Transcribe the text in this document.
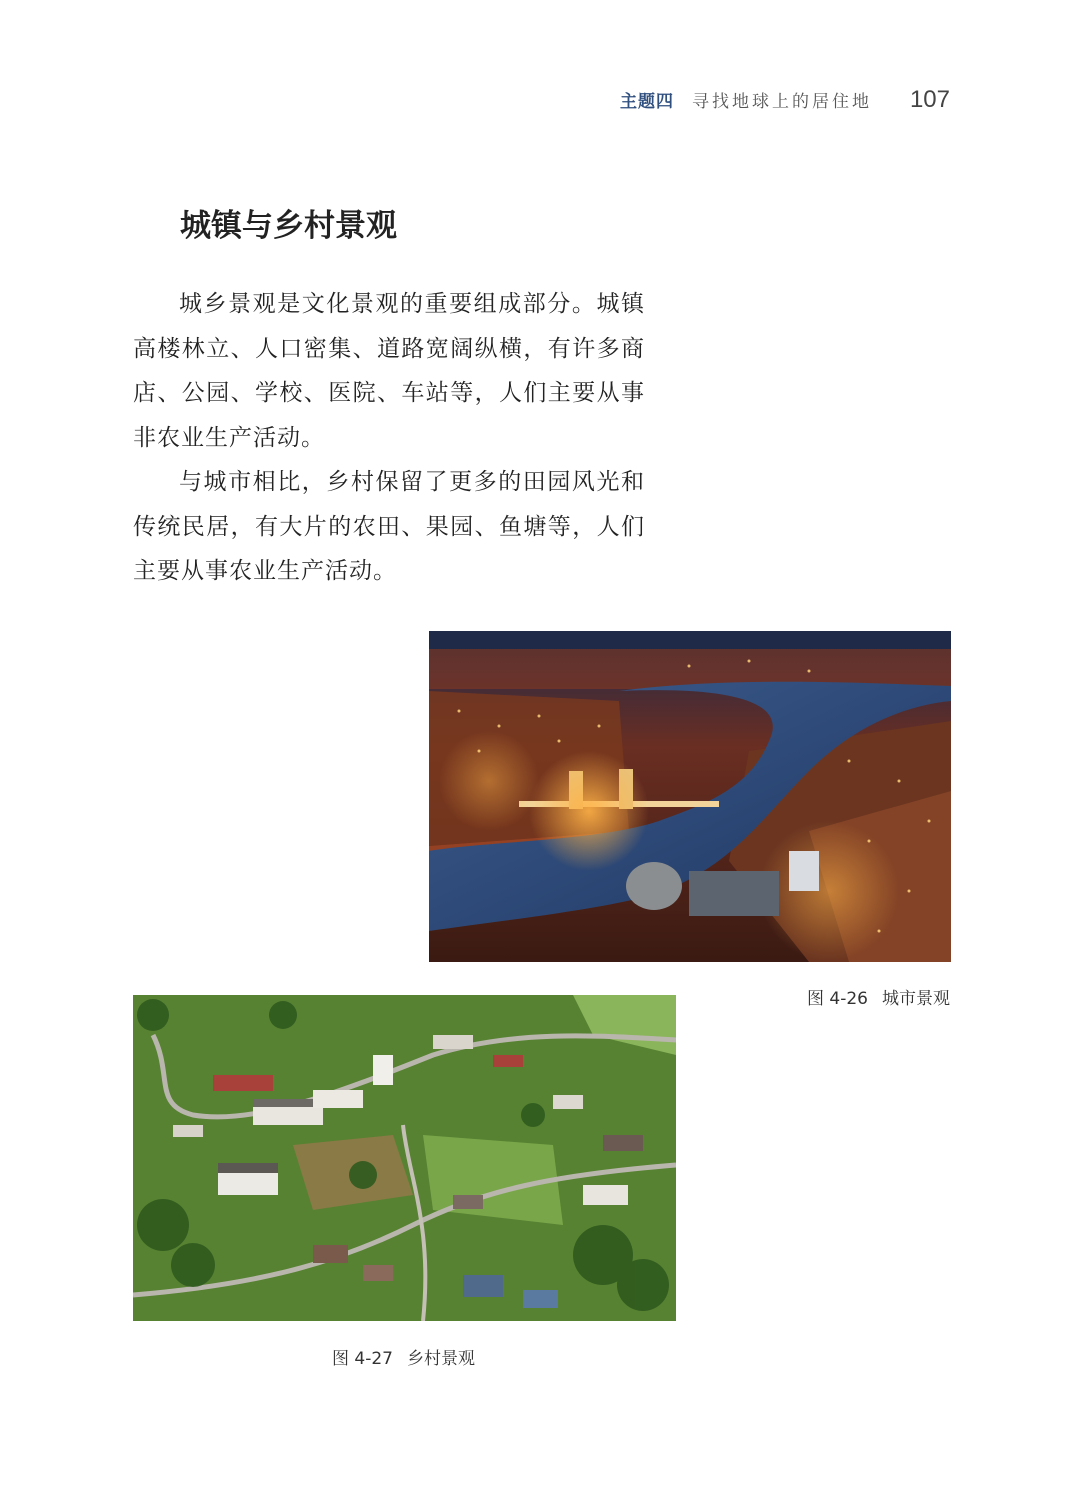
主题四 寻找地球上的居住地 107
城镇与乡村景观

城乡景观是文化景观的重要组成部分。城镇高楼林立、人口密集、道路宽阔纵横，有许多商店、公园、学校、医院、车站等，人们主要从事非农业生产活动。

与城市相比，乡村保留了更多的田园风光和传统民居，有大片的农田、果园、鱼塘等，人们主要从事农业生产活动。

图 4-26 城市景观

图 4-27 乡村景观
